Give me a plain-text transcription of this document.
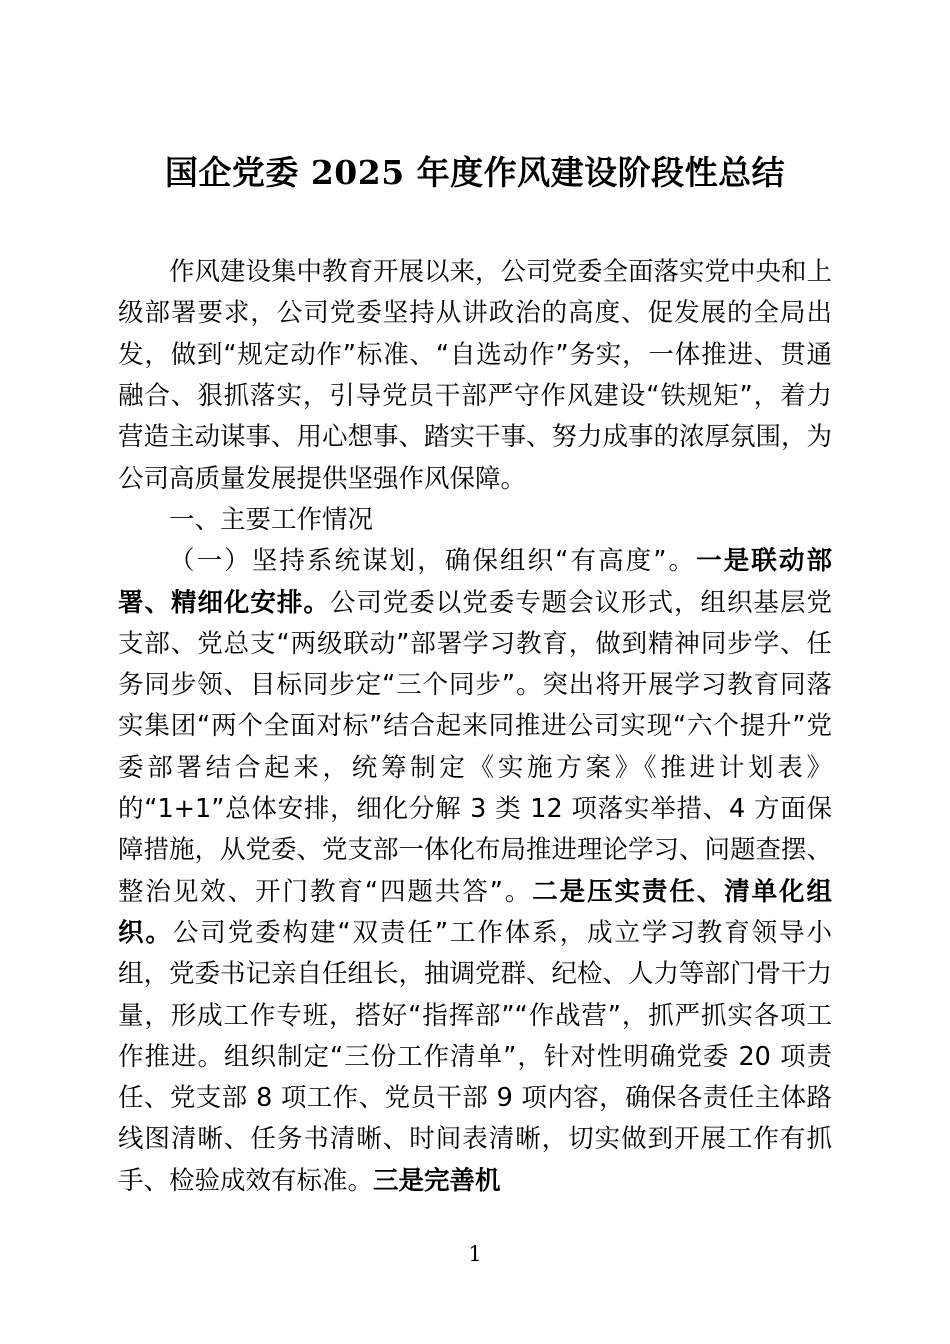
国企党委 2025 年度作风建设阶段性总结

作风建设集中教育开展以来，公司党委全面落实党中央和上级部署要求，公司党委坚持从讲政治的高度、促发展的全局出发，做到“规定动作”标准、“自选动作”务实，一体推进、贯通融合、狠抓落实，引导党员干部严守作风建设“铁规矩”，着力营造主动谋事、用心想事、踏实干事、努力成事的浓厚氛围，为公司高质量发展提供坚强作风保障。

一、主要工作情况

（一）坚持系统谋划，确保组织“有高度”。一是联动部署、精细化安排。公司党委以党委专题会议形式，组织基层党支部、党总支“两级联动”部署学习教育，做到精神同步学、任务同步领、目标同步定“三个同步”。突出将开展学习教育同落实集团“两个全面对标”结合起来同推进公司实现“六个提升”党委部署结合起来，统筹制定《实施方案》《推进计划表》的“1+1”总体安排，细化分解 3 类 12 项落实举措、4 方面保障措施，从党委、党支部一体化布局推进理论学习、问题查摆、整治见效、开门教育“四题共答”。二是压实责任、清单化组织。公司党委构建“双责任”工作体系，成立学习教育领导小组，党委书记亲自任组长，抽调党群、纪检、人力等部门骨干力量，形成工作专班，搭好“指挥部”“作战营”，抓严抓实各项工作推进。组织制定“三份工作清单”，针对性明确党委 20 项责任、党支部 8 项工作、党员干部 9 项内容，确保各责任主体路线图清晰、任务书清晰、时间表清晰，切实做到开展工作有抓手、检验成效有标准。三是完善机

1
